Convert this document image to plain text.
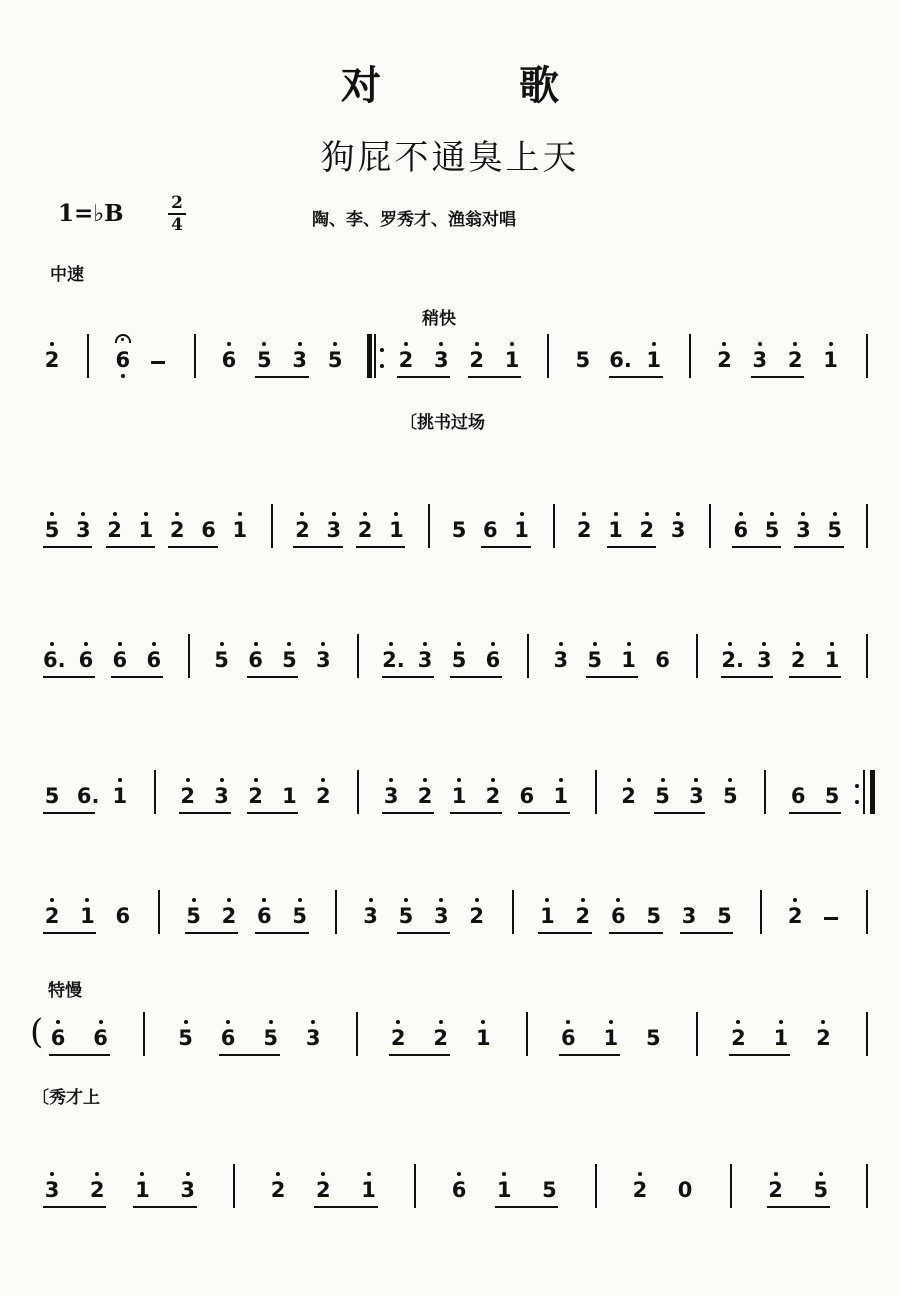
对 歌
狗屁不通臭上天
1=♭B	2
4	陶、李、罗秀才、渔翁对唱
中速
稍快
〔挑书过场
特慢
〔秀才上
2	6	6 5 3 5	2 3 2 1	5 6. 1	2 3 2 1
5 3 2 1 2 6 1 2 3 2 1 5 6 1 2 1 2 3 6 5 3 5
6. 6 6 6	5 6 5 3 2. 3 5 6	3 5 1 6 2. 3 2 1
5 6. 1	2 3 2 1 2	3 2 1 2 6 1	2 5 3 5	6 5
2 1 6	5 2 6 5	3 5 3 2	1 2 6 5 3 5	2
( 6 6	5 6 5 3	2 2 1	6 1 5	2 1 2
3 2 1 3	2 2 1	6 1 5	2 0	2 5
